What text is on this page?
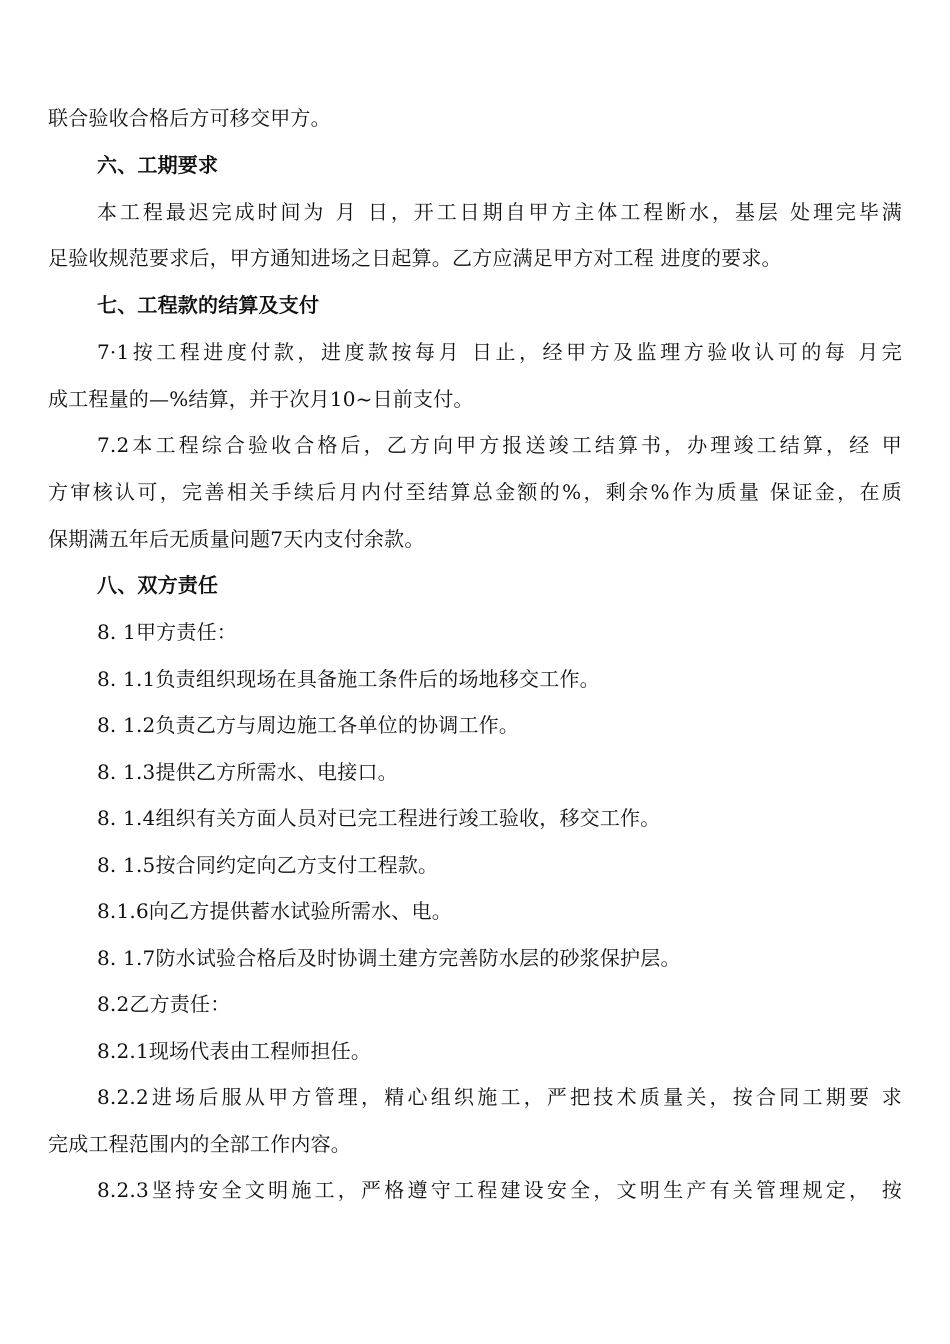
联合验收合格后方可移交甲方。
六、工期要求
本工程最迟完成时间为 月 日，开工日期自甲方主体工程断水，基层 处理完毕满
足验收规范要求后，甲方通知进场之日起算。乙方应满足甲方对工程 进度的要求。
七、工程款的结算及支付
7·1按工程进度付款，进度款按每月 日止，经甲方及监理方验收认可的每 月完
成工程量的—%结算，并于次月10~日前支付。
7.2本工程综合验收合格后，乙方向甲方报送竣工结算书，办理竣工结算，经 甲
方审核认可，完善相关手续后月内付至结算总金额的%，剩余%作为质量 保证金，在质
保期满五年后无质量问题7天内支付余款。
八、双方责任
8. 1甲方责任：
8. 1.1负责组织现场在具备施工条件后的场地移交工作。
8. 1.2负责乙方与周边施工各单位的协调工作。
8. 1.3提供乙方所需水、电接口。
8. 1.4组织有关方面人员对已完工程进行竣工验收，移交工作。
8. 1.5按合同约定向乙方支付工程款。
8.1.6向乙方提供蓄水试验所需水、电。
8. 1.7防水试验合格后及时协调土建方完善防水层的砂浆保护层。
8.2乙方责任：
8.2.1现场代表由工程师担任。
8.2.2进场后服从甲方管理，精心组织施工，严把技术质量关，按合同工期要 求
完成工程范围内的全部工作内容。
8.2.3坚持安全文明施工，严格遵守工程建设安全，文明生产有关管理规定， 按
